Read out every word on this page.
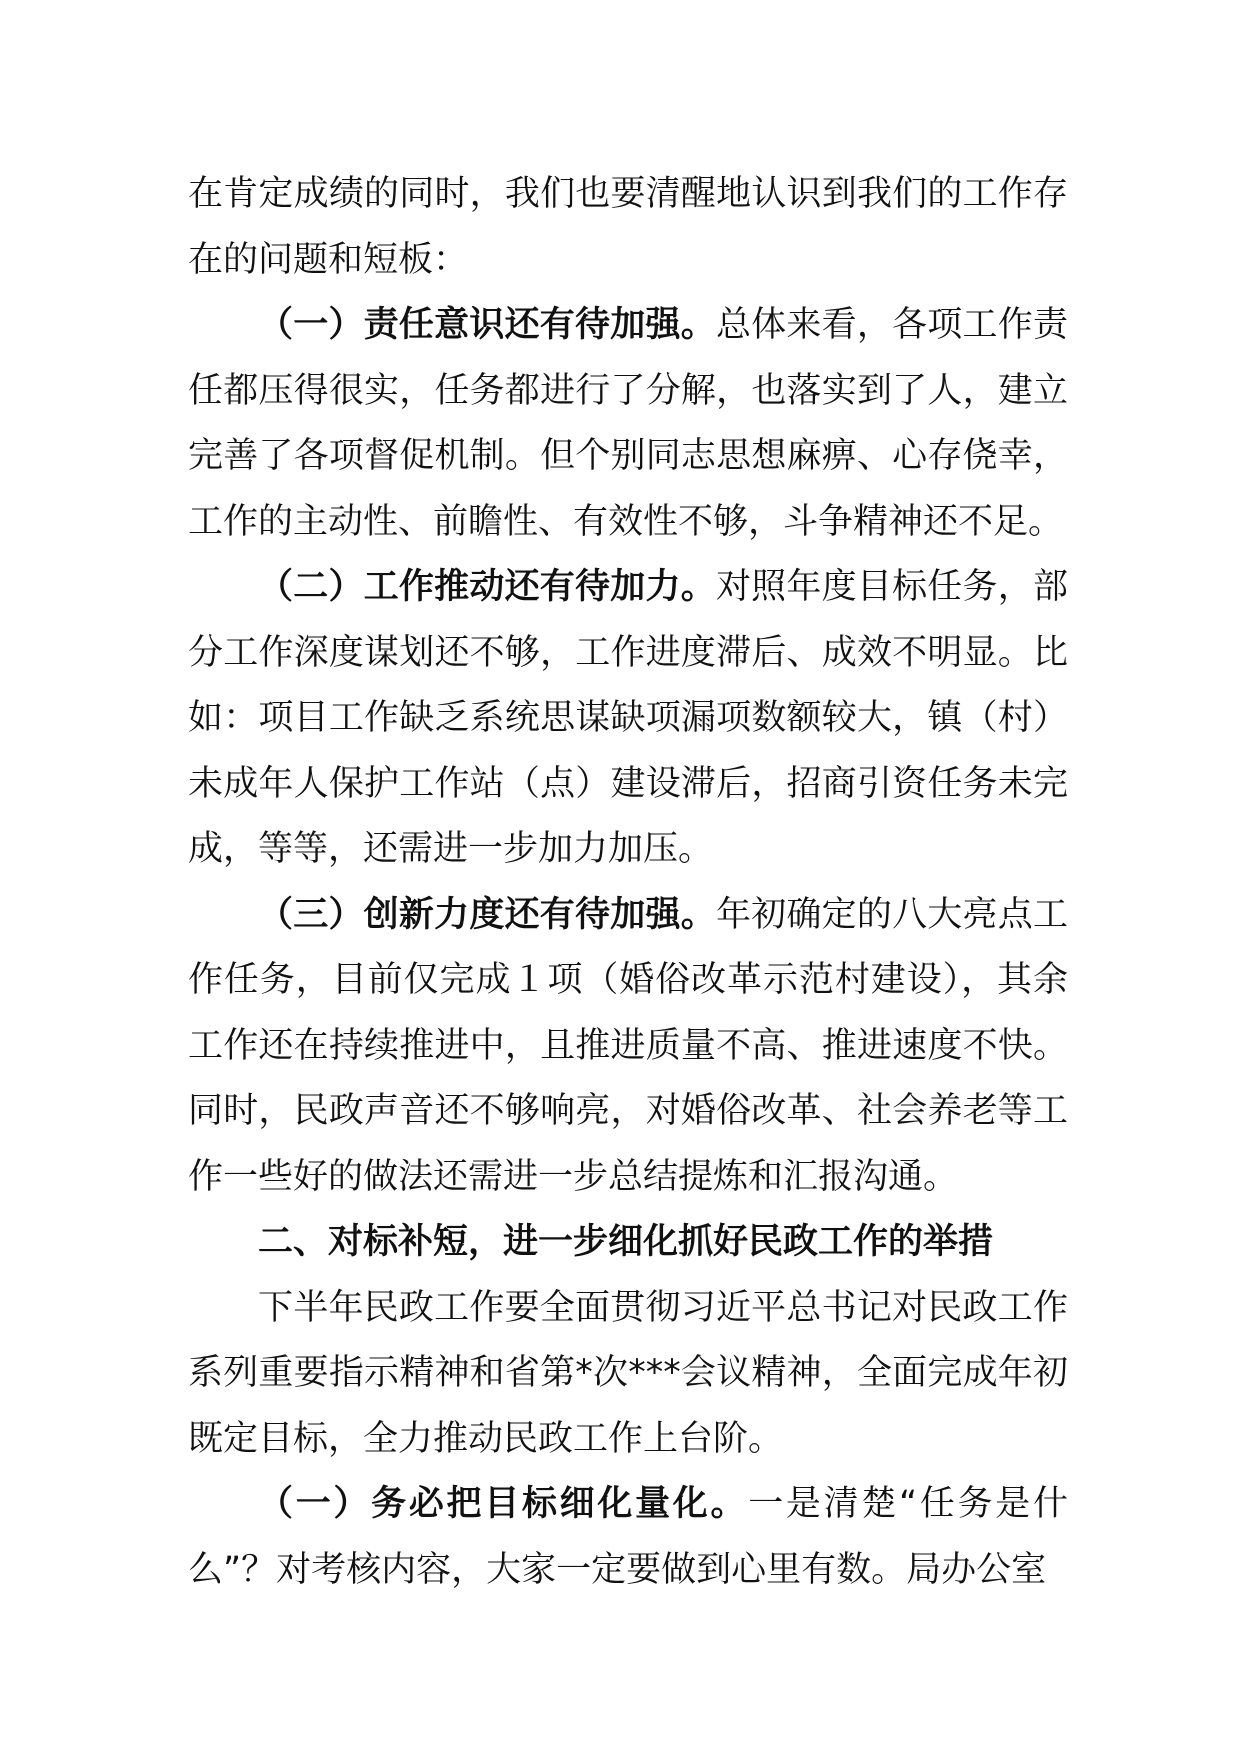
在肯定成绩的同时，我们也要清醒地认识到我们的工作存在的问题和短板：

（一）责任意识还有待加强。总体来看，各项工作责任都压得很实，任务都进行了分解，也落实到了人，建立完善了各项督促机制。但个别同志思想麻痹、心存侥幸，工作的主动性、前瞻性、有效性不够，斗争精神还不足。

（二）工作推动还有待加力。对照年度目标任务，部分工作深度谋划还不够，工作进度滞后、成效不明显。比如：项目工作缺乏系统思谋缺项漏项数额较大，镇（村）未成年人保护工作站（点）建设滞后，招商引资任务未完成，等等，还需进一步加力加压。

（三）创新力度还有待加强。年初确定的八大亮点工作任务，目前仅完成１项（婚俗改革示范村建设），其余工作还在持续推进中，且推进质量不高、推进速度不快。同时，民政声音还不够响亮，对婚俗改革、社会养老等工作一些好的做法还需进一步总结提炼和汇报沟通。

二、对标补短，进一步细化抓好民政工作的举措

下半年民政工作要全面贯彻习近平总书记对民政工作系列重要指示精神和省第*次***会议精神，全面完成年初既定目标，全力推动民政工作上台阶。

（一）务必把目标细化量化。一是清楚“任务是什么”？对考核内容，大家一定要做到心里有数。局办公室
